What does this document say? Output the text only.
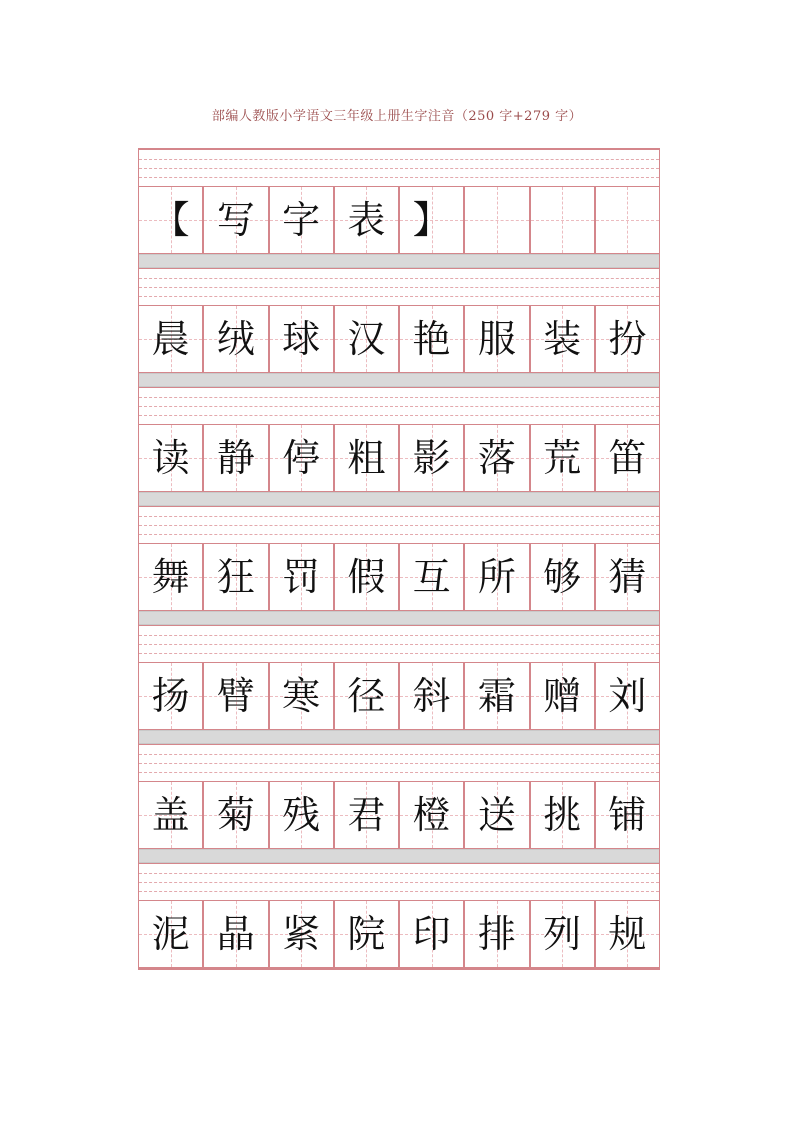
部编人教版小学语文三年级上册生字注音（250 字+279 字）
【 写 字 表 】
晨 绒 球 汉 艳 服 装 扮
读 静 停 粗 影 落 荒 笛
舞 狂 罚 假 互 所 够 猜
扬 臂 寒 径 斜 霜 赠 刘
盖 菊 残 君 橙 送 挑 铺
泥 晶 紧 院 印 排 列 规
